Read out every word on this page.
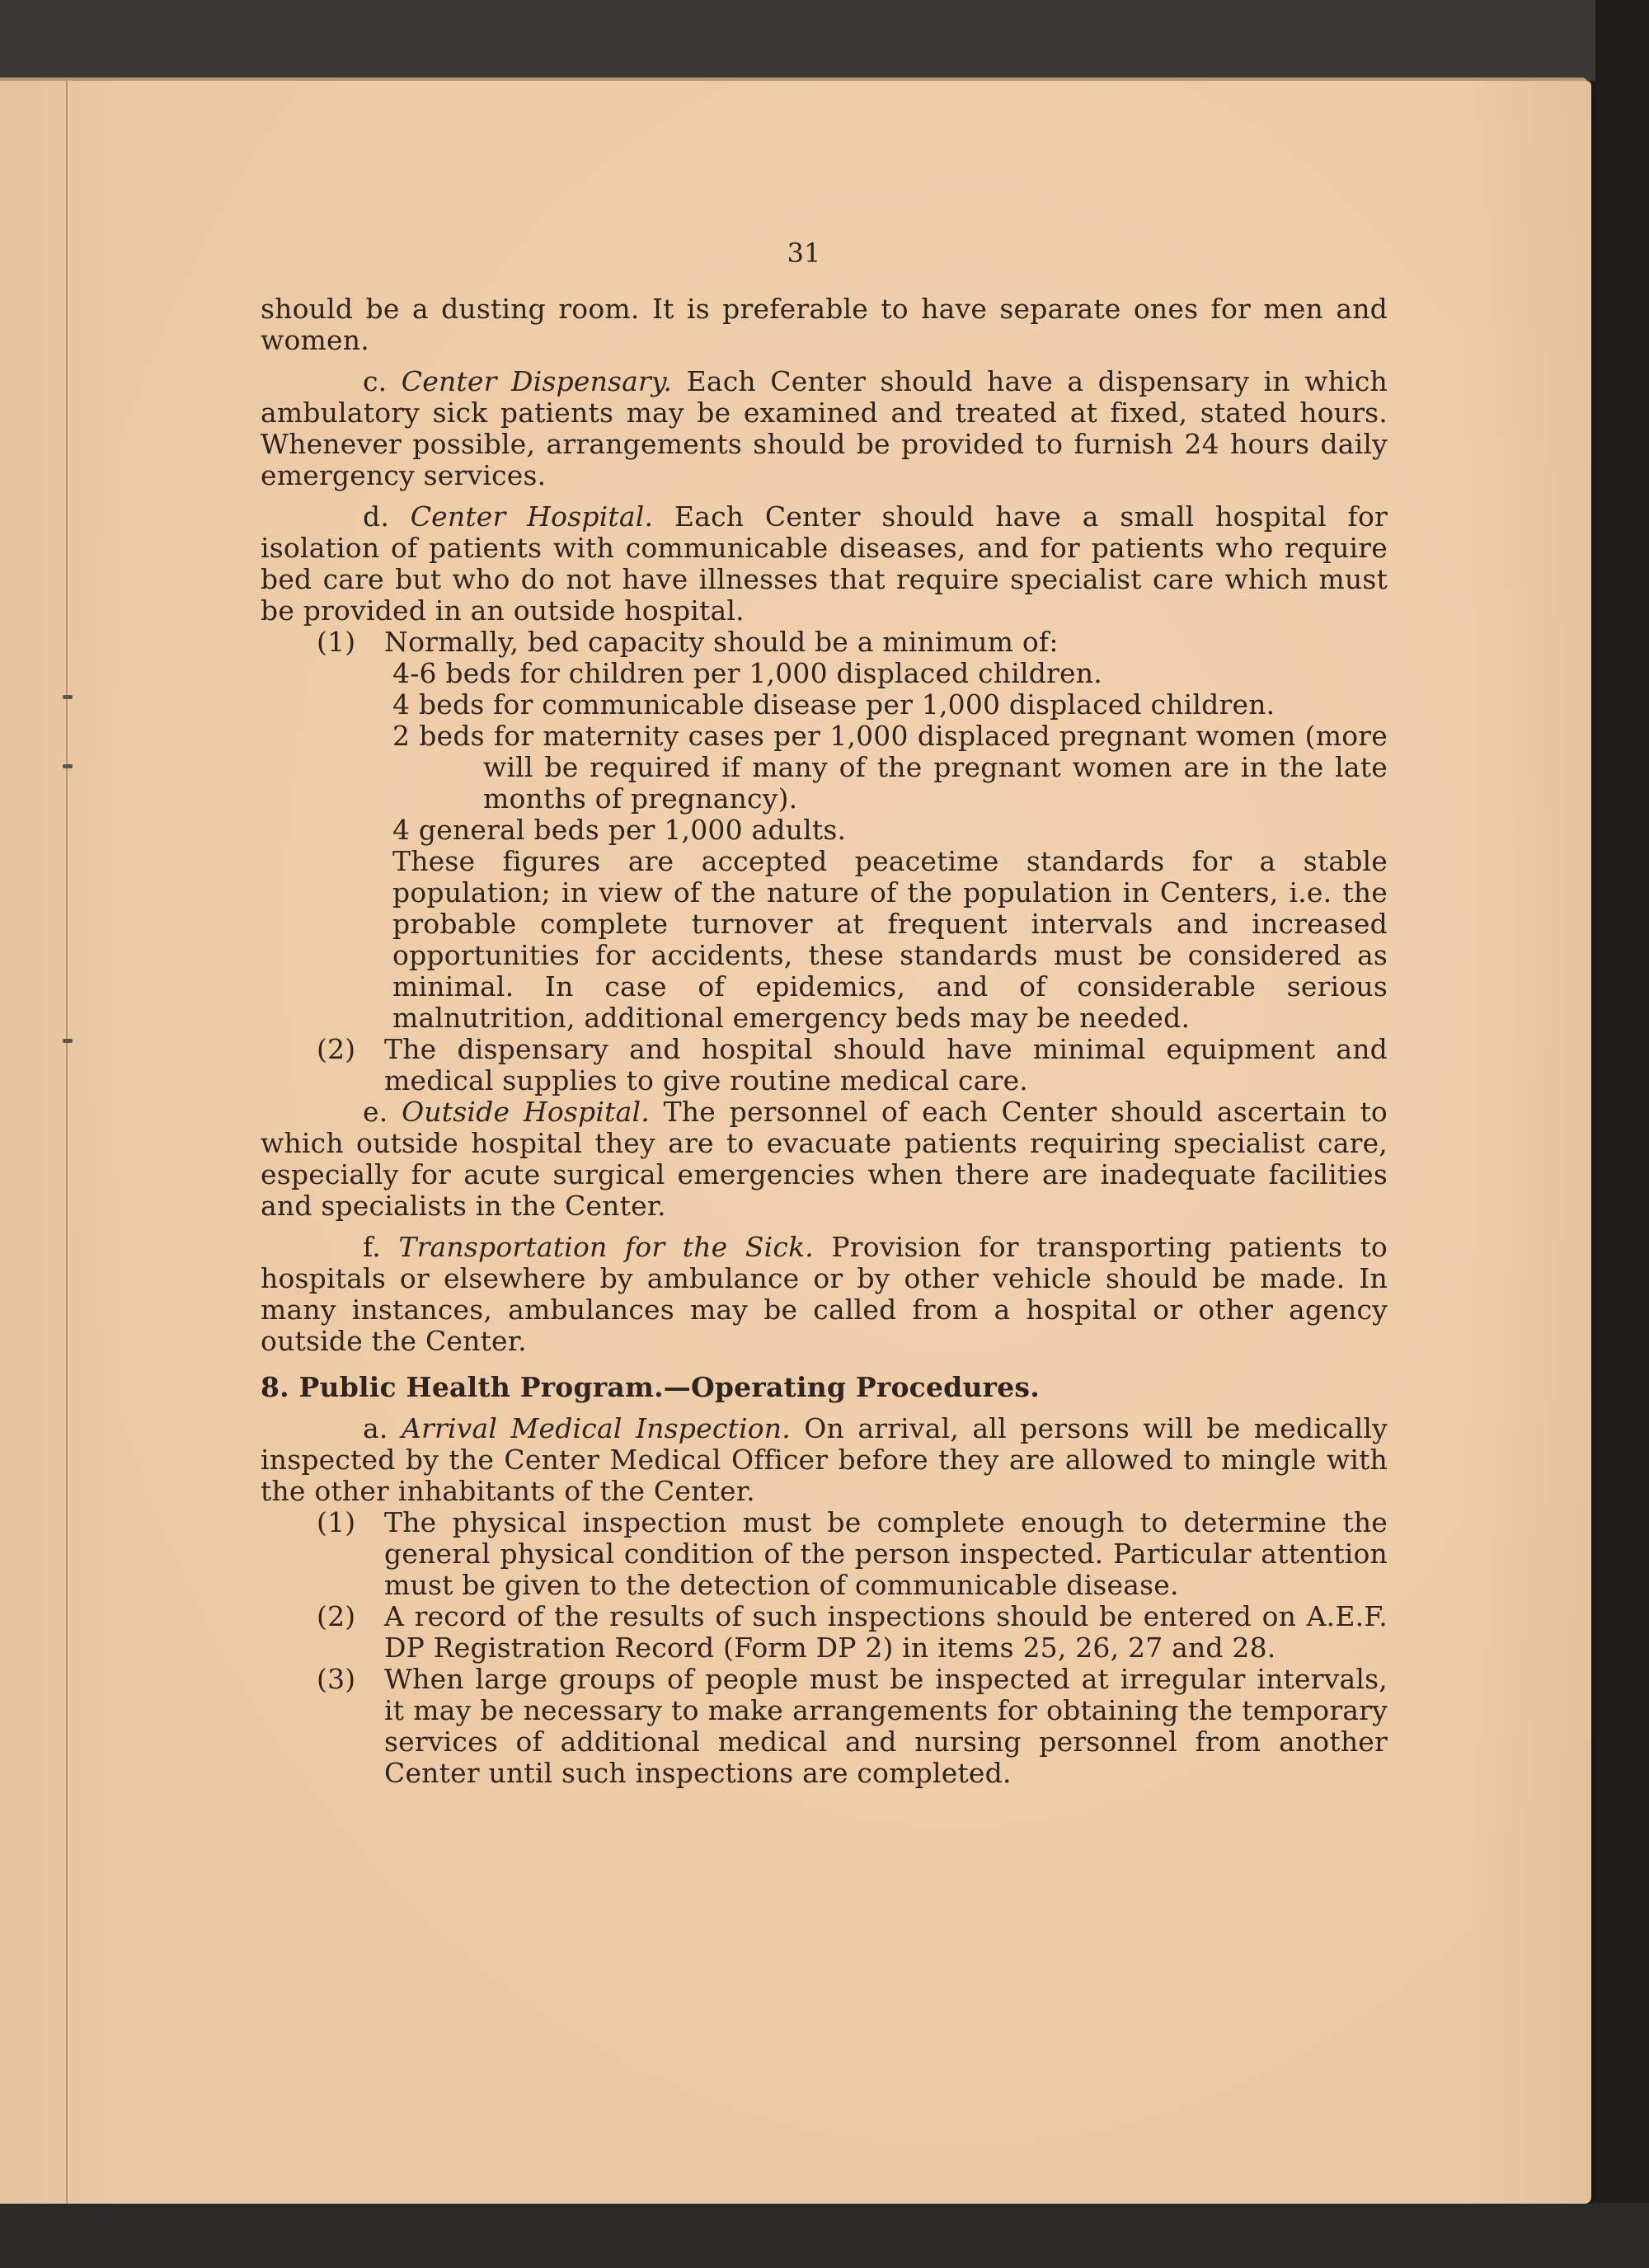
31

should be a dusting room. It is preferable to have separate ones for men and women.

c. Center Dispensary. Each Center should have a dispensary in which ambulatory sick patients may be examined and treated at fixed, stated hours. Whenever possible, arrangements should be provided to furnish 24 hours daily emergency services.

d. Center Hospital. Each Center should have a small hospital for isolation of patients with communicable diseases, and for patients who require bed care but who do not have illnesses that require specialist care which must be provided in an outside hospital.

(1)	Normally, bed capacity should be a minimum of:

4-6 beds for children per 1,000 displaced children.

4 beds for communicable disease per 1,000 displaced children.

2 beds for maternity cases per 1,000 displaced pregnant women (more will be required if many of the pregnant women are in the late months of pregnancy).

4 general beds per 1,000 adults.

These figures are accepted peacetime standards for a stable population; in view of the nature of the population in Centers, i.e. the probable complete turnover at frequent intervals and increased opportunities for accidents, these standards must be considered as minimal. In case of epidemics, and of considerable serious malnutrition, additional emergency beds may be needed.

(2)	The dispensary and hospital should have minimal equipment and medical supplies to give routine medical care.

e. Outside Hospital. The personnel of each Center should ascertain to which outside hospital they are to evacuate patients requiring specialist care, especially for acute surgical emergencies when there are inadequate facilities and specialists in the Center.

f. Transportation for the Sick. Provision for transporting patients to hospitals or elsewhere by ambulance or by other vehicle should be made. In many instances, ambulances may be called from a hospital or other agency outside the Center.

8. Public Health Program.—Operating Procedures.

a. Arrival Medical Inspection. On arrival, all persons will be medically inspected by the Center Medical Officer before they are allowed to mingle with the other inhabitants of the Center.

(1)	The physical inspection must be complete enough to determine the general physical condition of the person inspected. Particular attention must be given to the detection of communicable disease.
(2)	A record of the results of such inspections should be entered on A.E.F. DP Registration Record (Form DP 2) in items 25, 26, 27 and 28.
(3)	When large groups of people must be inspected at irregular intervals, it may be necessary to make arrangements for obtaining the temporary services of additional medical and nursing personnel from another Center until such inspections are completed.
